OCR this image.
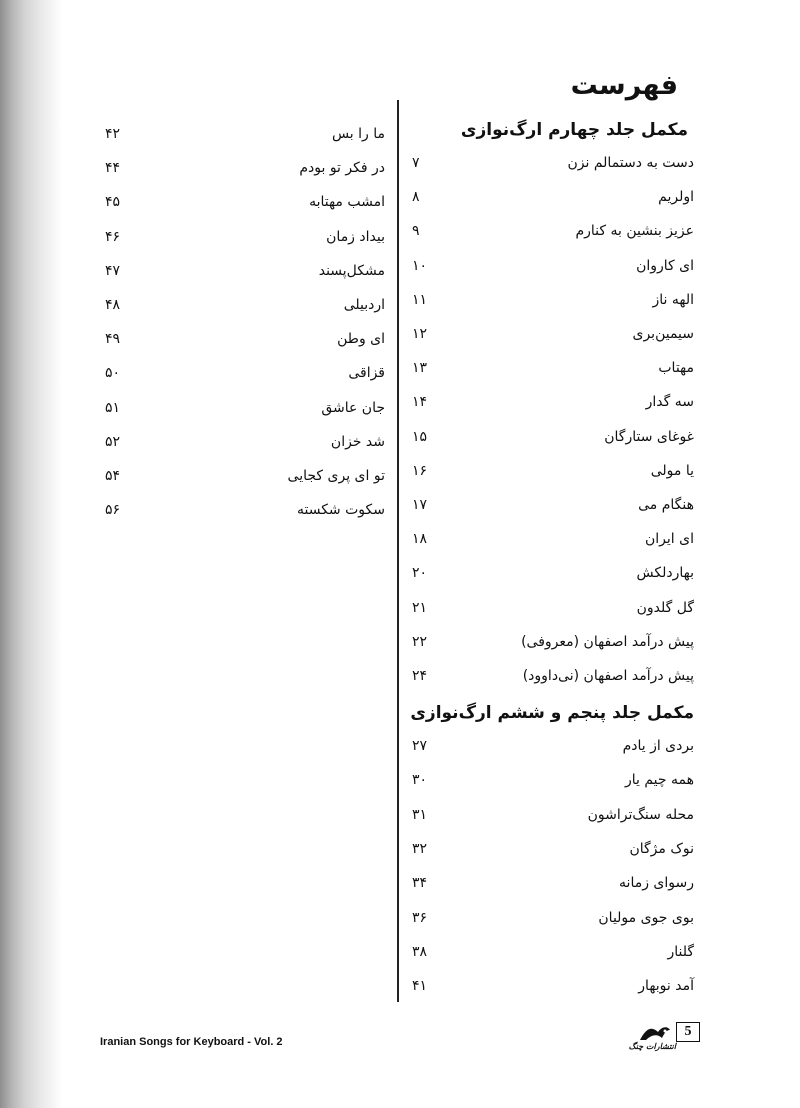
فهرست
مکمل جلد چهارم ارگ‌نوازی
مکمل جلد پنجم و ششم ارگ‌نوازی
دست به دستمالم نزن
۷
اولریم
۸
عزیز بنشین به کنارم
۹
ای کاروان
۱۰
الهه ناز
۱۱
سیمین‌بری
۱۲
مهتاب
۱۳
سه گدار
۱۴
غوغای ستارگان
۱۵
یا مولی
۱۶
هنگام می
۱۷
ای ایران
۱۸
بهاردلکش
۲۰
گل گلدون
۲۱
پیش درآمد اصفهان (معروفی)
۲۲
پیش درآمد اصفهان (نی‌داوود)
۲۴
بردی از یادم
۲۷
همه چیم یار
۳۰
محله سنگ‌تراشون
۳۱
نوک مژگان
۳۲
رسوای زمانه
۳۴
بوی جوی مولیان
۳۶
گلنار
۳۸
آمد نوبهار
۴۱
ما را بس
۴۲
در فکر تو بودم
۴۴
امشب مهتابه
۴۵
بیداد زمان
۴۶
مشکل‌پسند
۴۷
اردبیلی
۴۸
ای وطن
۴۹
قزاقی
۵۰
جان عاشق
۵۱
شد خزان
۵۲
تو ای پری کجایی
۵۴
سکوت شکسته
۵۶
Iranian Songs for Keyboard - Vol. 2
5
انتشارات چنگ
